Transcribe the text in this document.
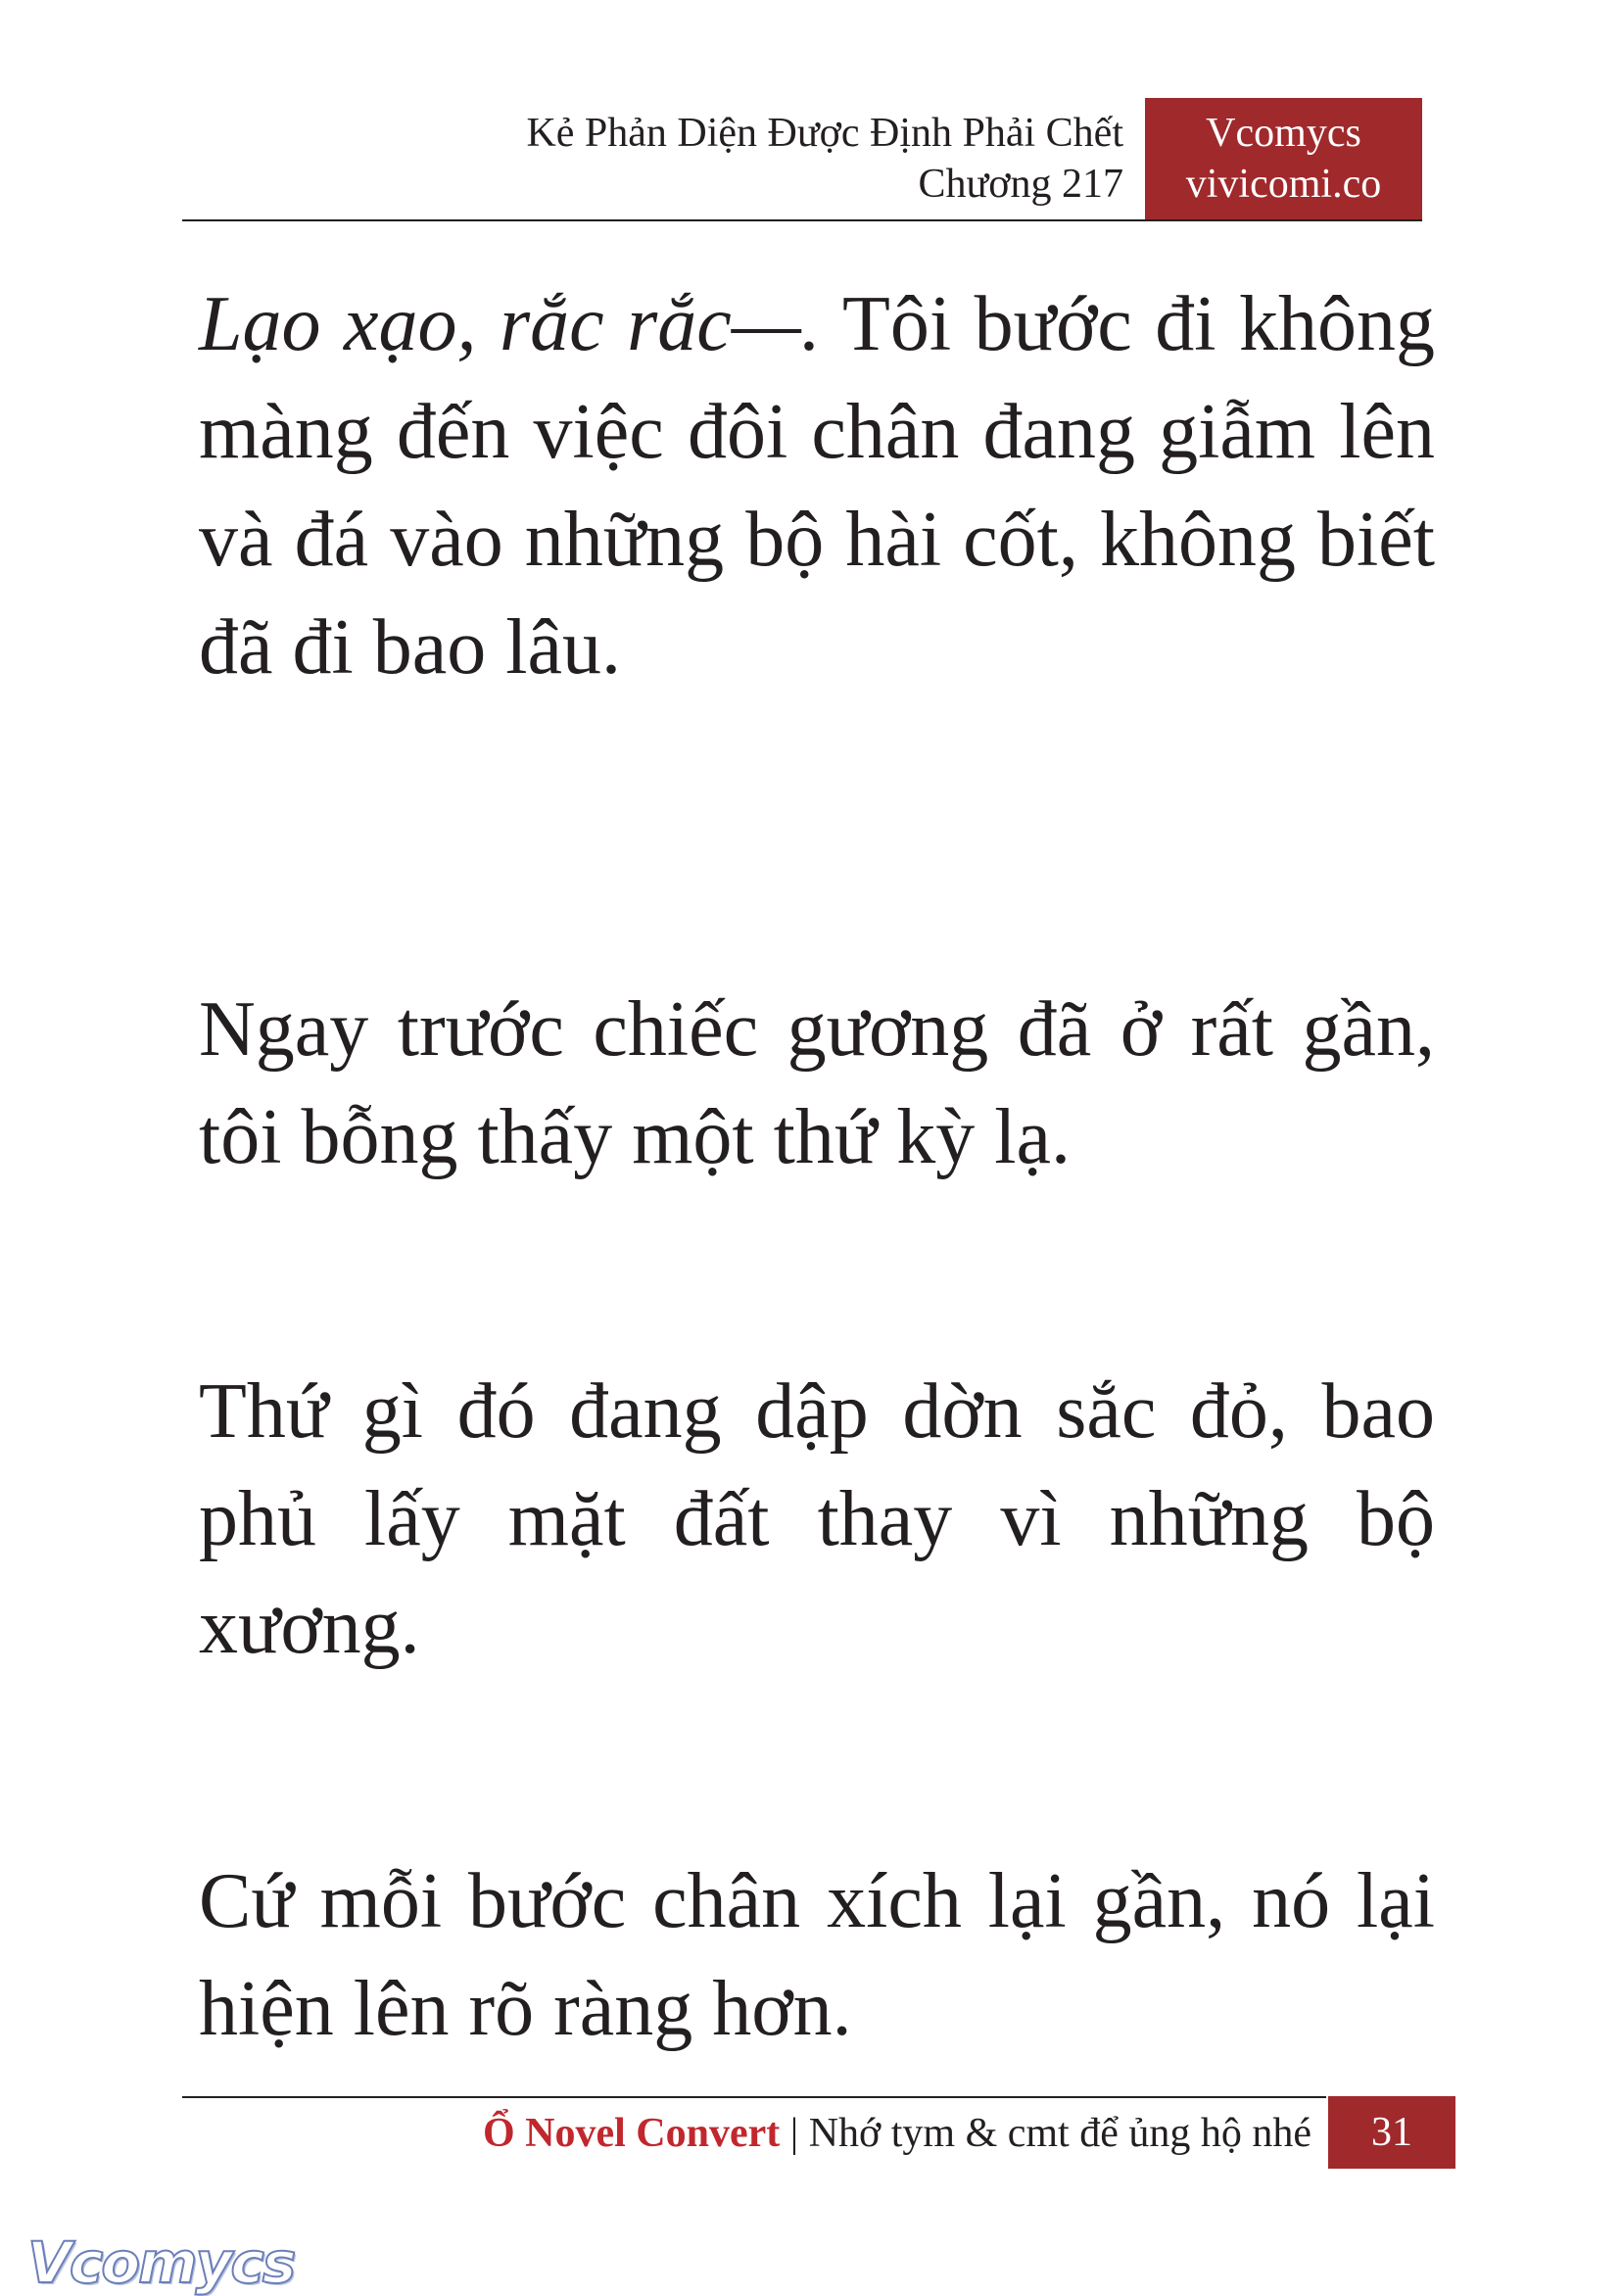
Kẻ Phản Diện Được Định Phải Chết
Chương 217
Vcomycs
vivicomi.co

Lạo xạo, rắc rắc—. Tôi bước đi không màng đến việc đôi chân đang giẫm lên và đá vào những bộ hài cốt, không biết đã đi bao lâu.

Ngay trước chiếc gương đã ở rất gần, tôi bỗng thấy một thứ kỳ lạ.

Thứ gì đó đang dập dờn sắc đỏ, bao phủ lấy mặt đất thay vì những bộ xương.

Cứ mỗi bước chân xích lại gần, nó lại hiện lên rõ ràng hơn.

Ổ Novel Convert | Nhớ tym & cmt để ủng hộ nhé	31
Vcomycs
